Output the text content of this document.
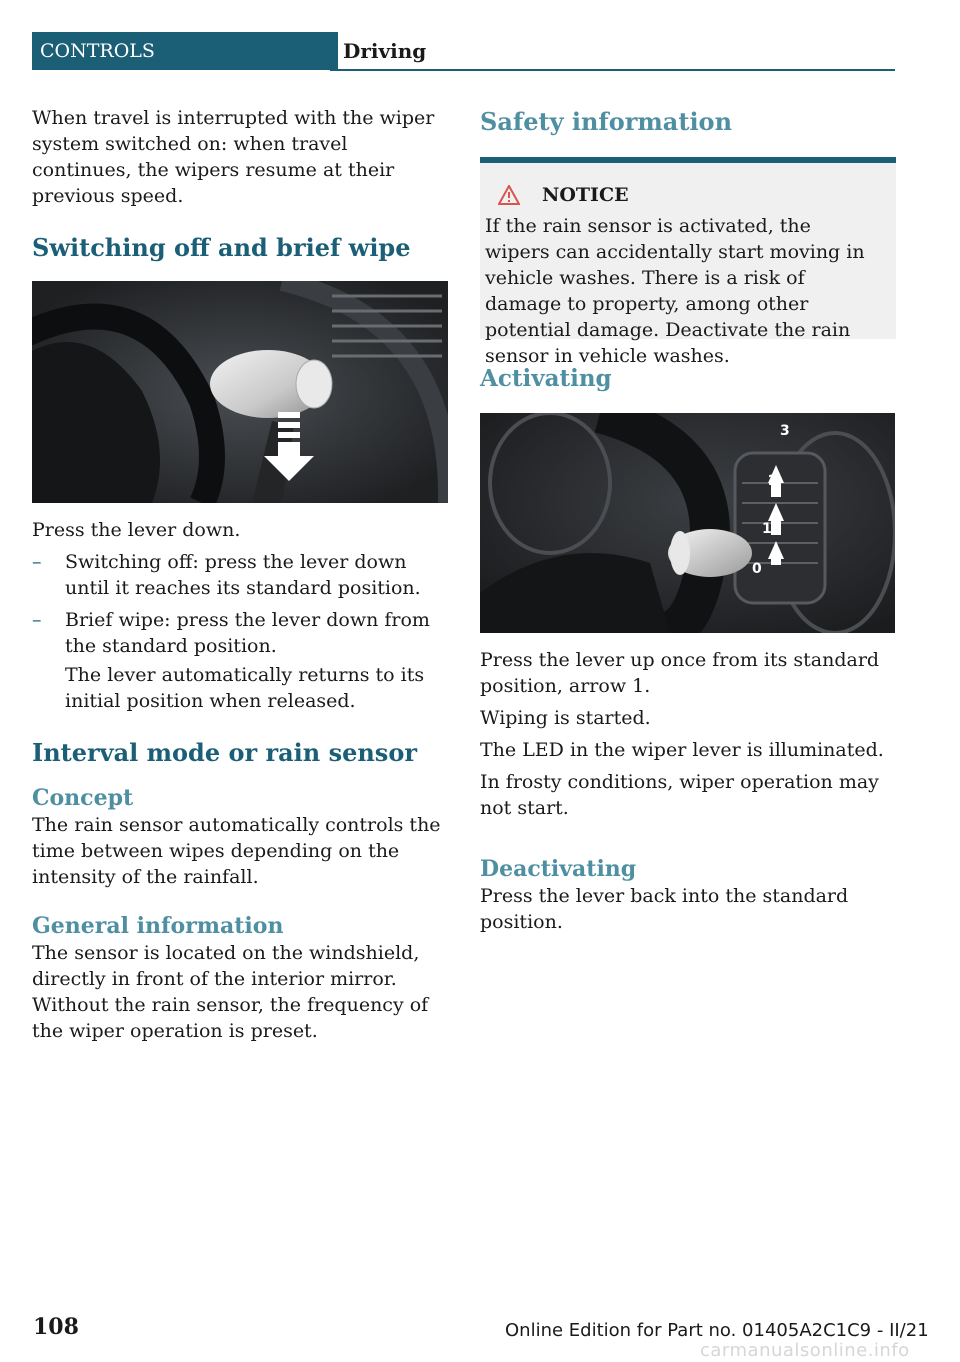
CONTROLS	Driving

When travel is interrupted with the wiper system switched on: when travel continues, the wipers resume at their previous speed.

Switching off and brief wipe

Press the lever down.

– Switching off: press the lever down until it reaches its standard position.
– Brief wipe: press the lever down from the standard position.

The lever automatically returns to its initial position when released.

Interval mode or rain sensor
Concept

The rain sensor automatically controls the time between wipes depending on the intensity of the rainfall.

General information

The sensor is located on the windshield, directly in front of the interior mirror. Without the rain sensor, the frequency of the wiper operation is preset.

Safety information
NOTICE

If the rain sensor is activated, the wipers can accidentally start moving in vehicle washes. There is a risk of damage to property, among other potential damage. Deactivate the rain sensor in vehicle washes.

Activating
3
2
1
0

Press the lever up once from its standard position, arrow 1.

Wiping is started.

The LED in the wiper lever is illuminated.

In frosty conditions, wiper operation may not start.

Deactivating

Press the lever back into the standard position.

108	Online Edition for Part no. 01405A2C1C9 - II/21
carmanualsonline.info
